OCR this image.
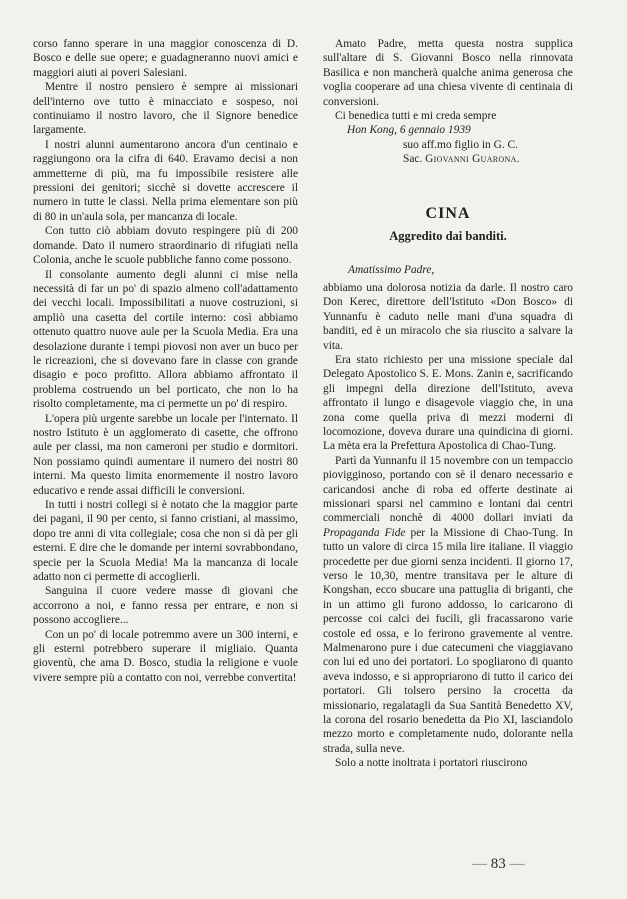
corso fanno sperare in una maggior conoscenza di D. Bosco e delle sue opere; e guadagneranno nuovi amici e maggiori aiuti ai poveri Salesiani.

Mentre il nostro pensiero è sempre ai missionari dell'interno ove tutto è minacciato e sospeso, noi continuiamo il nostro lavoro, che il Signore benedice largamente.

I nostri alunni aumentarono ancora d'un centinaio e raggiungono ora la cifra di 640. Eravamo decisi a non ammetterne di più, ma fu impossibile resistere alle pressioni dei genitori; sicchè si dovette accrescere il numero in tutte le classi. Nella prima elementare son più di 80 in un'aula sola, per mancanza di locale.

Con tutto ciò abbiam dovuto respingere più di 200 domande. Dato il numero straordinario di rifugiati nella Colonia, anche le scuole pubbliche fanno come possono.

Il consolante aumento degli alunni ci mise nella necessità di far un po' di spazio almeno coll'adattamento dei vecchi locali. Impossibilitati a nuove costruzioni, si ampliò una casetta del cortile interno: così abbiamo ottenuto quattro nuove aule per la Scuola Media. Era una desolazione durante i tempi piovosi non aver un buco per le ricreazioni, che si dovevano fare in classe con grande disagio e poco profitto. Allora abbiamo affrontato il problema costruendo un bel porticato, che non lo ha risolto completamente, ma ci permette un po' di respiro.

L'opera più urgente sarebbe un locale per l'internato. Il nostro Istituto è un agglomerato di casette, che offrono aule per classi, ma non cameroni per studio e dormitori. Non possiamo quindi aumentare il numero dei nostri 80 interni. Ma questo limita enormemente il nostro lavoro educativo e rende assai difficili le conversioni.

In tutti i nostri collegi si è notato che la maggior parte dei pagani, il 90 per cento, si fanno cristiani, al massimo, dopo tre anni di vita collegiale; cosa che non si dà per gli esterni. E dire che le domande per interni sovrabbondano, specie per la Scuola Media! Ma la mancanza di locale adatto non ci permette di accoglierli.

Sanguina il cuore vedere masse di giovani che accorrono a noi, e fanno ressa per entrare, e non si possono accogliere...

Con un po' di locale potremmo avere un 300 interni, e gli esterni potrebbero superare il migliaio. Quanta gioventù, che ama D. Bosco, studia la religione e vuole vivere sempre più a contatto con noi, verrebbe convertita!

Amato Padre, metta questa nostra supplica sull'altare di S. Giovanni Bosco nella rinnovata Basilica e non mancherà qualche anima generosa che voglia cooperare ad una chiesa vivente di centinaia di conversioni.

Ci benedica tutti e mi creda sempre

Hon Kong, 6 gennaio 1939

suo aff.mo figlio in G. C.
Sac. Giovanni Guarona.
CINA
Aggredito dai banditi.

Amatissimo Padre,

abbiamo una dolorosa notizia da darle. Il nostro caro Don Kerec, direttore dell'Istituto «Don Bosco» di Yunnanfu è caduto nelle mani d'una squadra di banditi, ed è un miracolo che sia riuscito a salvare la vita.

Era stato richiesto per una missione speciale dal Delegato Apostolico S. E. Mons. Zanin e, sacrificando gli impegni della direzione dell'Istituto, aveva affrontato il lungo e disagevole viaggio che, in una zona come quella priva di mezzi moderni di locomozione, doveva durare una quindicina di giorni. La mèta era la Prefettura Apostolica di Chao-Tung.

Partì da Yunnanfu il 15 novembre con un tempaccio piovigginoso, portando con sè il denaro necessario e caricandosi anche di roba ed offerte destinate ai missionari sparsi nel cammino e lontani dai centri commerciali nonchè di 4000 dollari inviati da Propaganda Fide per la Missione di Chao-Tung. In tutto un valore di circa 15 mila lire italiane. Il viaggio procedette per due giorni senza incidenti. Il giorno 17, verso le 10,30, mentre transitava per le alture di Kongshan, ecco sbucare una pattuglia di briganti, che in un attimo gli furono addosso, lo caricarono di percosse coi calci dei fucili, gli fracassarono varie costole ed ossa, e lo ferirono gravemente al ventre. Malmenarono pure i due catecumeni che viaggiavano con lui ed uno dei portatori. Lo spogliarono di quanto aveva indosso, e si appropriarono di tutto il carico dei portatori. Gli tolsero persino la crocetta da missionario, regalatagli da Sua Santità Benedetto XV, la corona del rosario benedetta da Pio XI, lasciandolo mezzo morto e completamente nudo, dolorante nella strada, sulla neve.

Solo a notte inoltrata i portatori riuscirono

— 83 —
